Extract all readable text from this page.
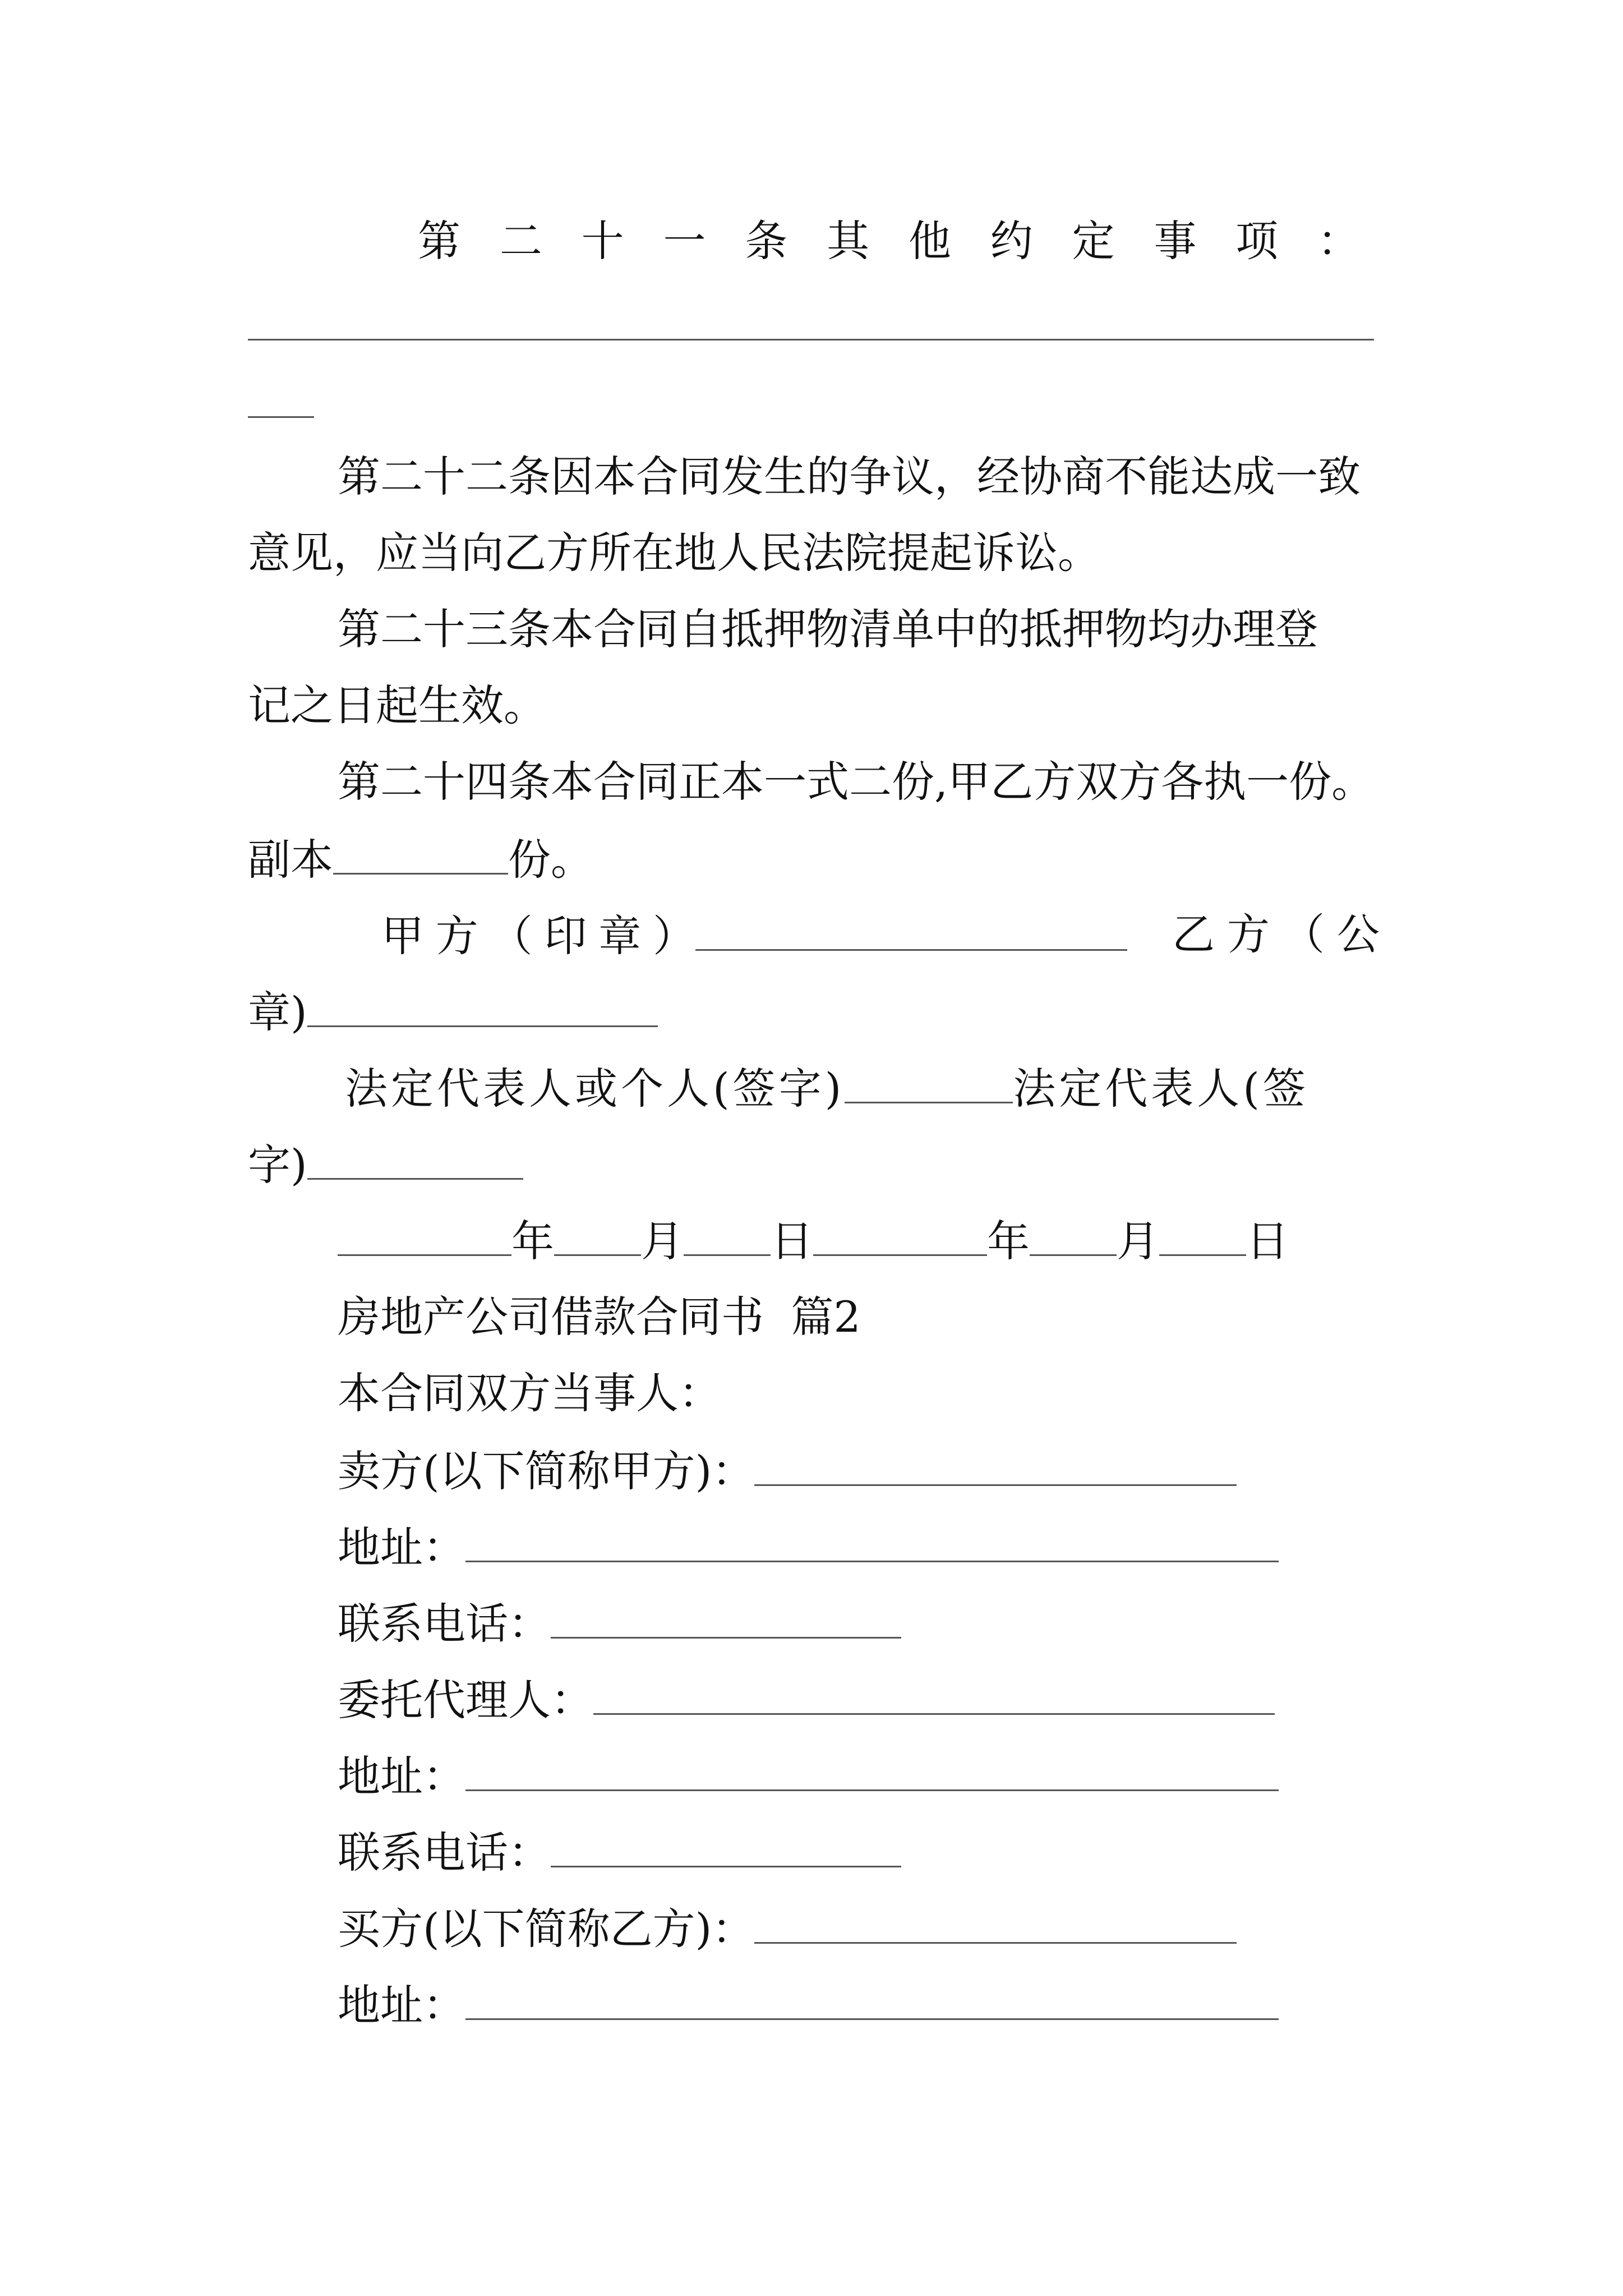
第 二 十 一 条 其 他 约 定 事 项 ：
第二十二条因本合同发生的争议，经协商不能达成一致
意见，应当向乙方所在地人民法院提起诉讼。
第二十三条本合同自抵押物清单中的抵押物均办理登
记之日起生效。
第二十四条本合同正本一式二份,甲乙方双方各执一份。
副本	份。
甲 方 （ 印 章 ）	乙 方 （ 公
章)
法定代表人或个人(签字)	法定代表人(签
字)
年 月 日	年 月 日
房地产公司借款合同书  篇2
本合同双方当事人：
卖方(以下简称甲方)：
地址：
联系电话：
委托代理人：
地址：
联系电话：
买方(以下简称乙方)：
地址：
